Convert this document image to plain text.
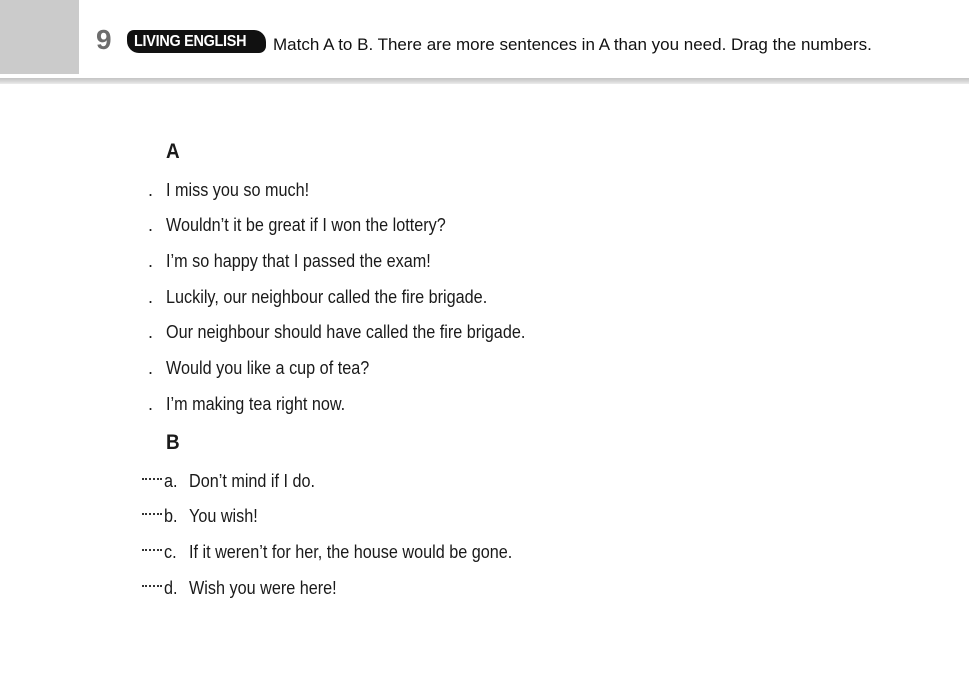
9	LIVING ENGLISH	Match A to B. There are more sentences in A than you need. Drag the numbers.
A
. I miss you so much!
. Wouldn’t it be great if I won the lottery?
. I’m so happy that I passed the exam!
. Luckily, our neighbour called the fire brigade.
. Our neighbour should have called the fire brigade.
. Would you like a cup of tea?
. I’m making tea right now.
B
a. Don’t mind if I do.
b. You wish!
c. If it weren’t for her, the house would be gone.
d. Wish you were here!
